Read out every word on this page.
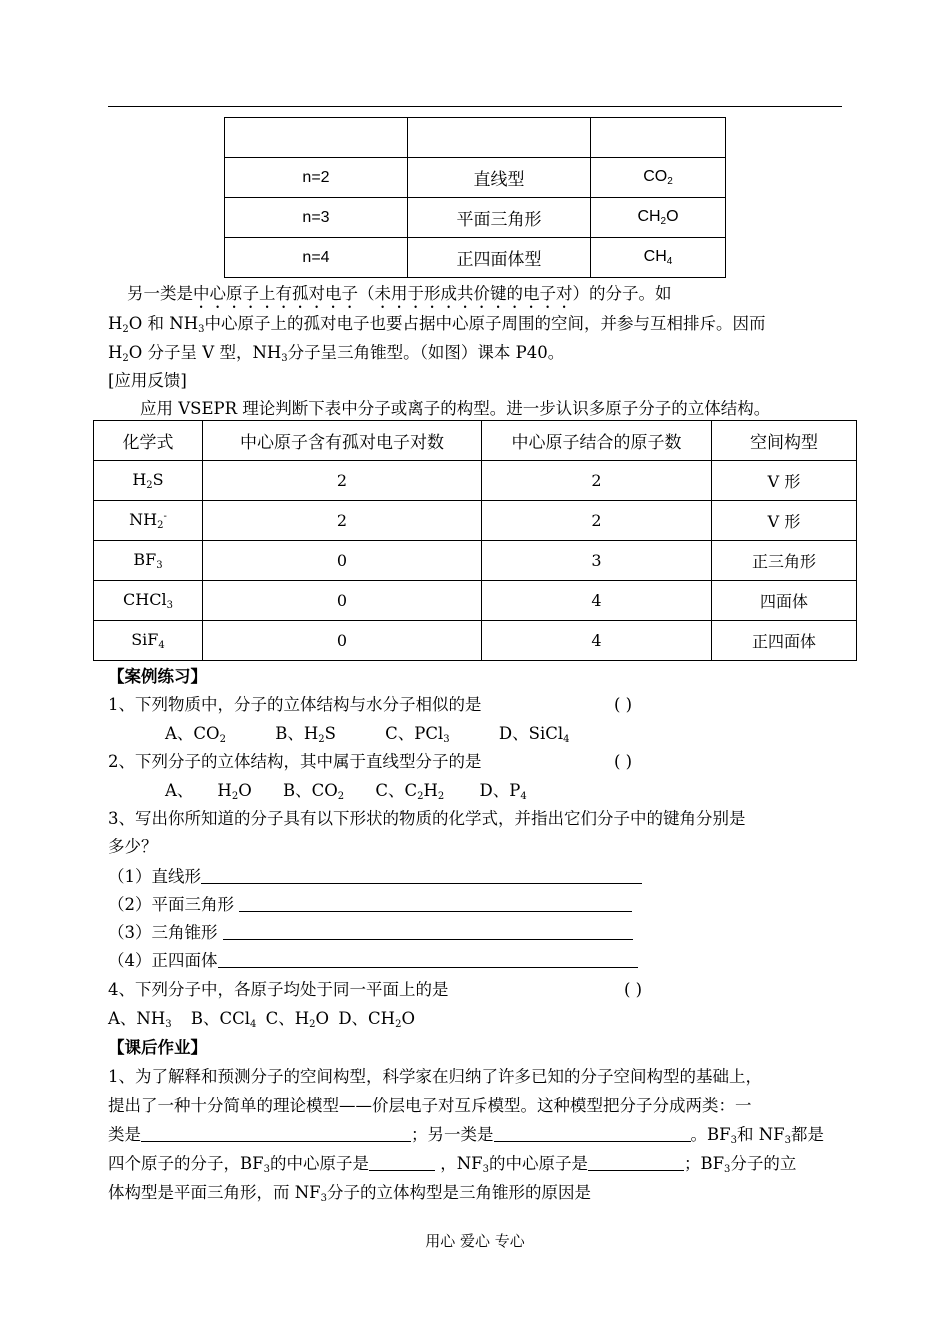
n=2	直线型	$CO_2$
n=3	平面三角形	$CH_2O$
n=4	正四面体型	$CH_4$
另一类是中心原子上有孤对电子（未用于形成共价键的电子对）的分子。如
$H_2O$ 和 $NH_3$中心原子上的孤对电子也要占据中心原子周围的空间，并参与互相排斥。因而
$H_2O$ 分子呈 V 型，$NH_3$分子呈三角锥型。（如图）课本 P40。
[应用反馈]
应用 VSEPR 理论判断下表中分子或离子的构型。进一步认识多原子分子的立体结构。
化学式	中心原子含有孤对电子对数	中心原子结合的原子数	空间构型
$H_2S$	2	2	V 形
$NH_2^-$	2	2	V 形
$BF_3$	0	3	正三角形
CHCl$_3$	0	4	四面体
SiF$_4$	0	4	正四面体
【案例练习】
1、下列物质中，分子的立体结构与水分子相似的是	( )
A、$CO_2$	B、$H_2S$	C、PCl$_3$	D、SiCl$_4$
2、下列分子的立体结构，其中属于直线型分子的是	( )
A、 $H_2O$ B、$CO_2$ C、$C_2H_2$ D、$P_4$
3、写出你所知道的分子具有以下形状的物质的化学式，并指出它们分子中的键角分别是
多少？
（1）直线形
（2）平面三角形
（3）三角锥形
（4）正四面体
4、下列分子中，各原子均处于同一平面上的是	( )
A、$NH_3$ B、CCl$_4$ C、$H_2O$ D、$CH_2O$
【课后作业】
1、为了解释和预测分子的空间构型，科学家在归纳了许多已知的分子空间构型的基础上，
提出了一种十分简单的理论模型——价层电子对互斥模型。这种模型把分子分成两类：一
类是	；另一类是	。$BF_3$和 $NF_3$都是
四个原子的分子，$BF_3$的中心原子是	，$NF_3$的中心原子是	；$BF_3$分子的立
体构型是平面三角形，而 $NF_3$分子的立体构型是三角锥形的原因是
用心 爱心 专心
